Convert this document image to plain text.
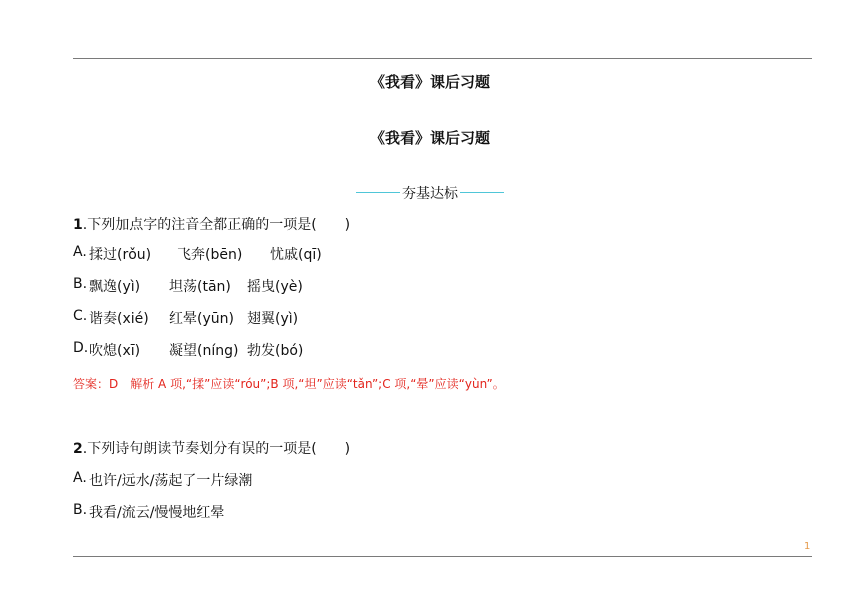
《我看》课后习题
《我看》课后习题
夯基达标
1.下列加点字的注音全都正确的一项是(　　)
A. 揉过(rǒu) 飞奔(bēn) 忧戚(qī)
B. 飘逸(yì) 坦荡(tān) 摇曳(yè)
C. 谐奏(xié) 红晕(yūn) 翅翼(yì)
D. 吹熄(xī) 凝望(níng) 勃发(bó)
答案：D　解析 A 项,“揉”应读“róu”;B 项,“坦”应读“tǎn”;C 项,“晕”应读“yùn”。
2.下列诗句朗读节奏划分有误的一项是(　　)
A. 也许/远水/荡起了一片绿潮
B. 我看/流云/慢慢地红晕
1
